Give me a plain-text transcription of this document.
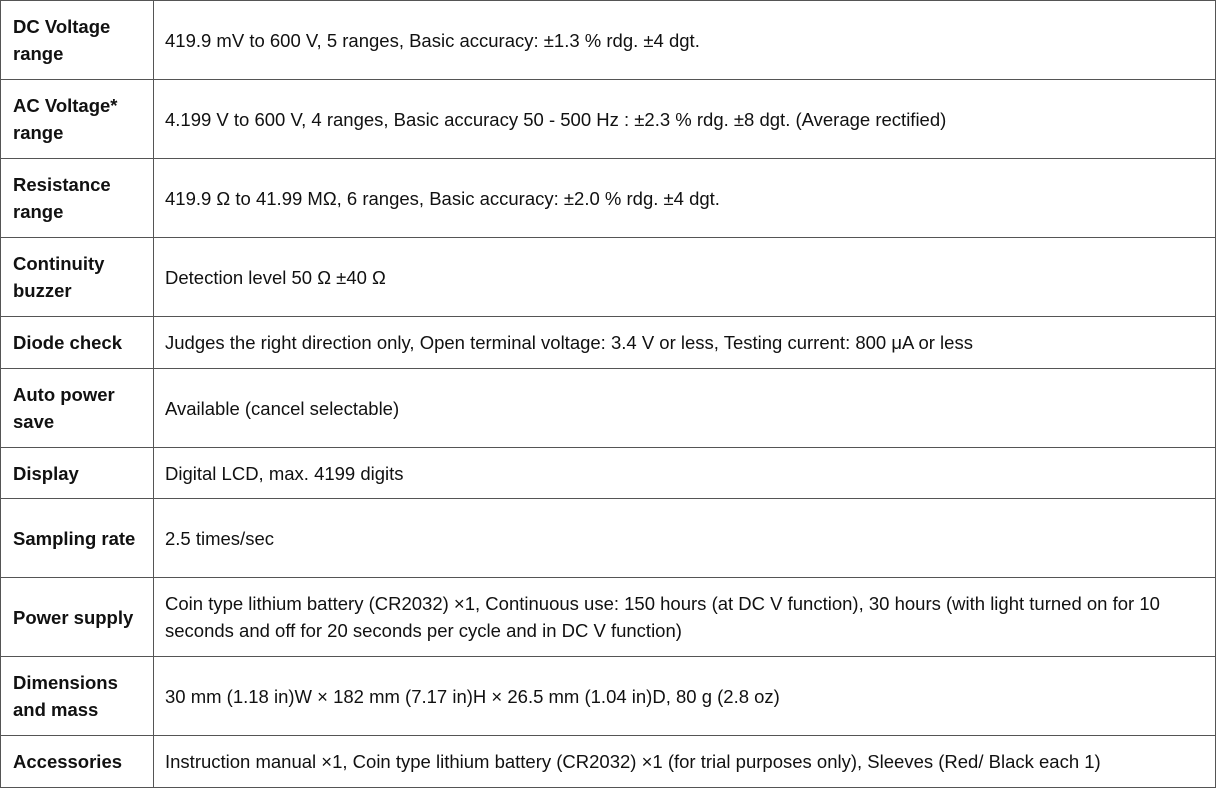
DC Voltage range	419.9 mV to 600 V, 5 ranges, Basic accuracy: ±1.3 % rdg. ±4 dgt.
AC Voltage* range	4.199 V to 600 V, 4 ranges, Basic accuracy 50 - 500 Hz : ±2.3 % rdg. ±8 dgt. (Average rectified)
Resistance range	419.9 Ω to 41.99 MΩ, 6 ranges, Basic accuracy: ±2.0 % rdg. ±4 dgt.
Continuity buzzer	Detection level 50 Ω ±40 Ω
Diode check	Judges the right direction only, Open terminal voltage: 3.4 V or less, Testing current: 800 μA or less
Auto power save	Available (cancel selectable)
Display	Digital LCD, max. 4199 digits
Sampling rate	2.5 times/sec
Power supply	Coin type lithium battery (CR2032) ×1, Continuous use: 150 hours (at DC V function), 30 hours (with light turned on for 10 seconds and off for 20 seconds per cycle and in DC V function)
Dimensions and mass	30 mm (1.18 in)W × 182 mm (7.17 in)H × 26.5 mm (1.04 in)D, 80 g (2.8 oz)
Accessories	Instruction manual ×1, Coin type lithium battery (CR2032) ×1 (for trial purposes only), Sleeves (Red/ Black each 1)
